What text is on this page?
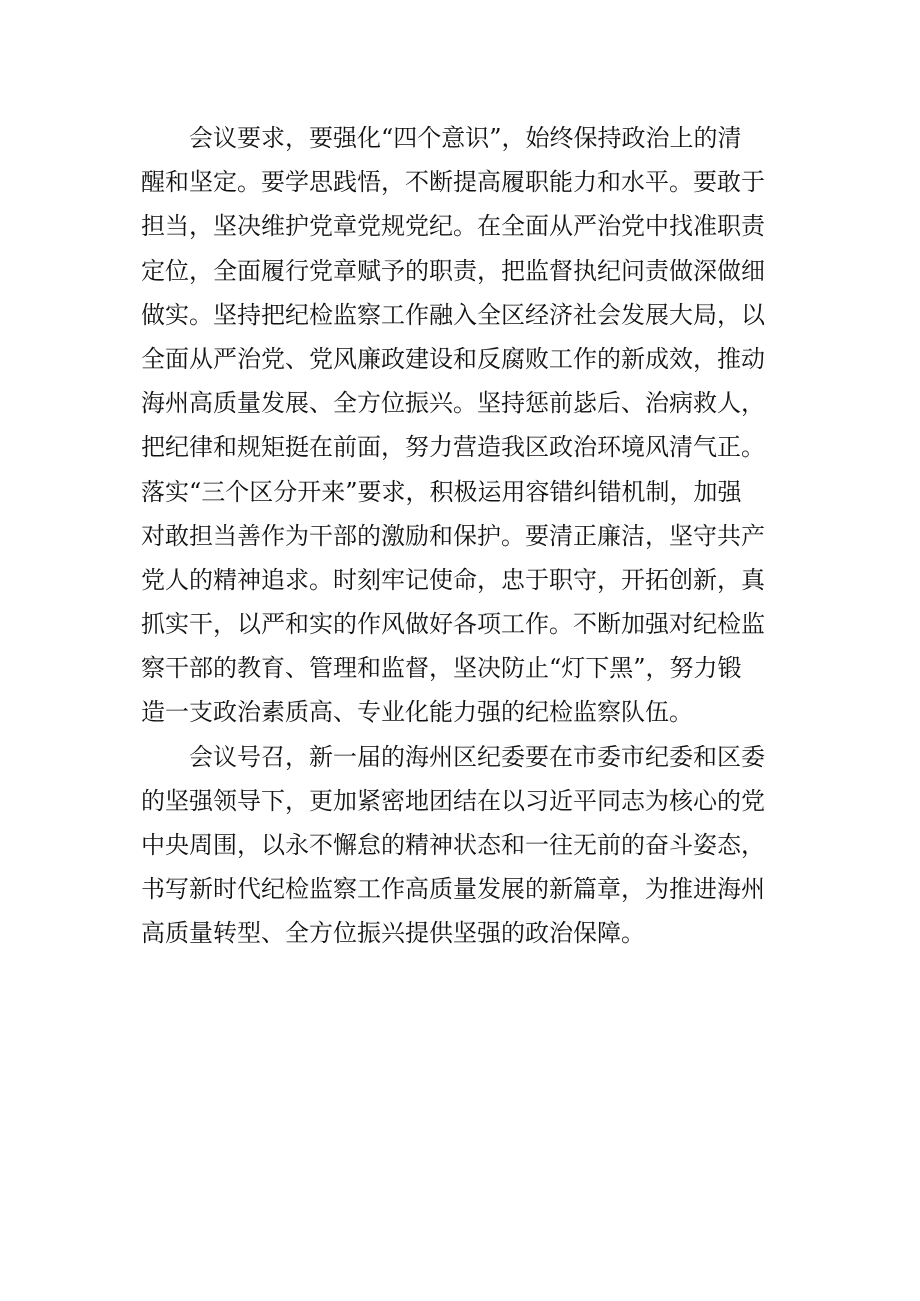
　　会议要求，要强化“四个意识”，始终保持政治上的清
醒和坚定。要学思践悟，不断提高履职能力和水平。要敢于
担当，坚决维护党章党规党纪。在全面从严治党中找准职责
定位，全面履行党章赋予的职责，把监督执纪问责做深做细
做实。坚持把纪检监察工作融入全区经济社会发展大局，以
全面从严治党、党风廉政建设和反腐败工作的新成效，推动
海州高质量发展、全方位振兴。坚持惩前毖后、治病救人，
把纪律和规矩挺在前面，努力营造我区政治环境风清气正。
落实“三个区分开来”要求，积极运用容错纠错机制，加强
对敢担当善作为干部的激励和保护。要清正廉洁，坚守共产
党人的精神追求。时刻牢记使命，忠于职守，开拓创新，真
抓实干，以严和实的作风做好各项工作。不断加强对纪检监
察干部的教育、管理和监督，坚决防止“灯下黑”，努力锻
造一支政治素质高、专业化能力强的纪检监察队伍。
　　会议号召，新一届的海州区纪委要在市委市纪委和区委
的坚强领导下，更加紧密地团结在以习近平同志为核心的党
中央周围，以永不懈怠的精神状态和一往无前的奋斗姿态，
书写新时代纪检监察工作高质量发展的新篇章，为推进海州
高质量转型、全方位振兴提供坚强的政治保障。
